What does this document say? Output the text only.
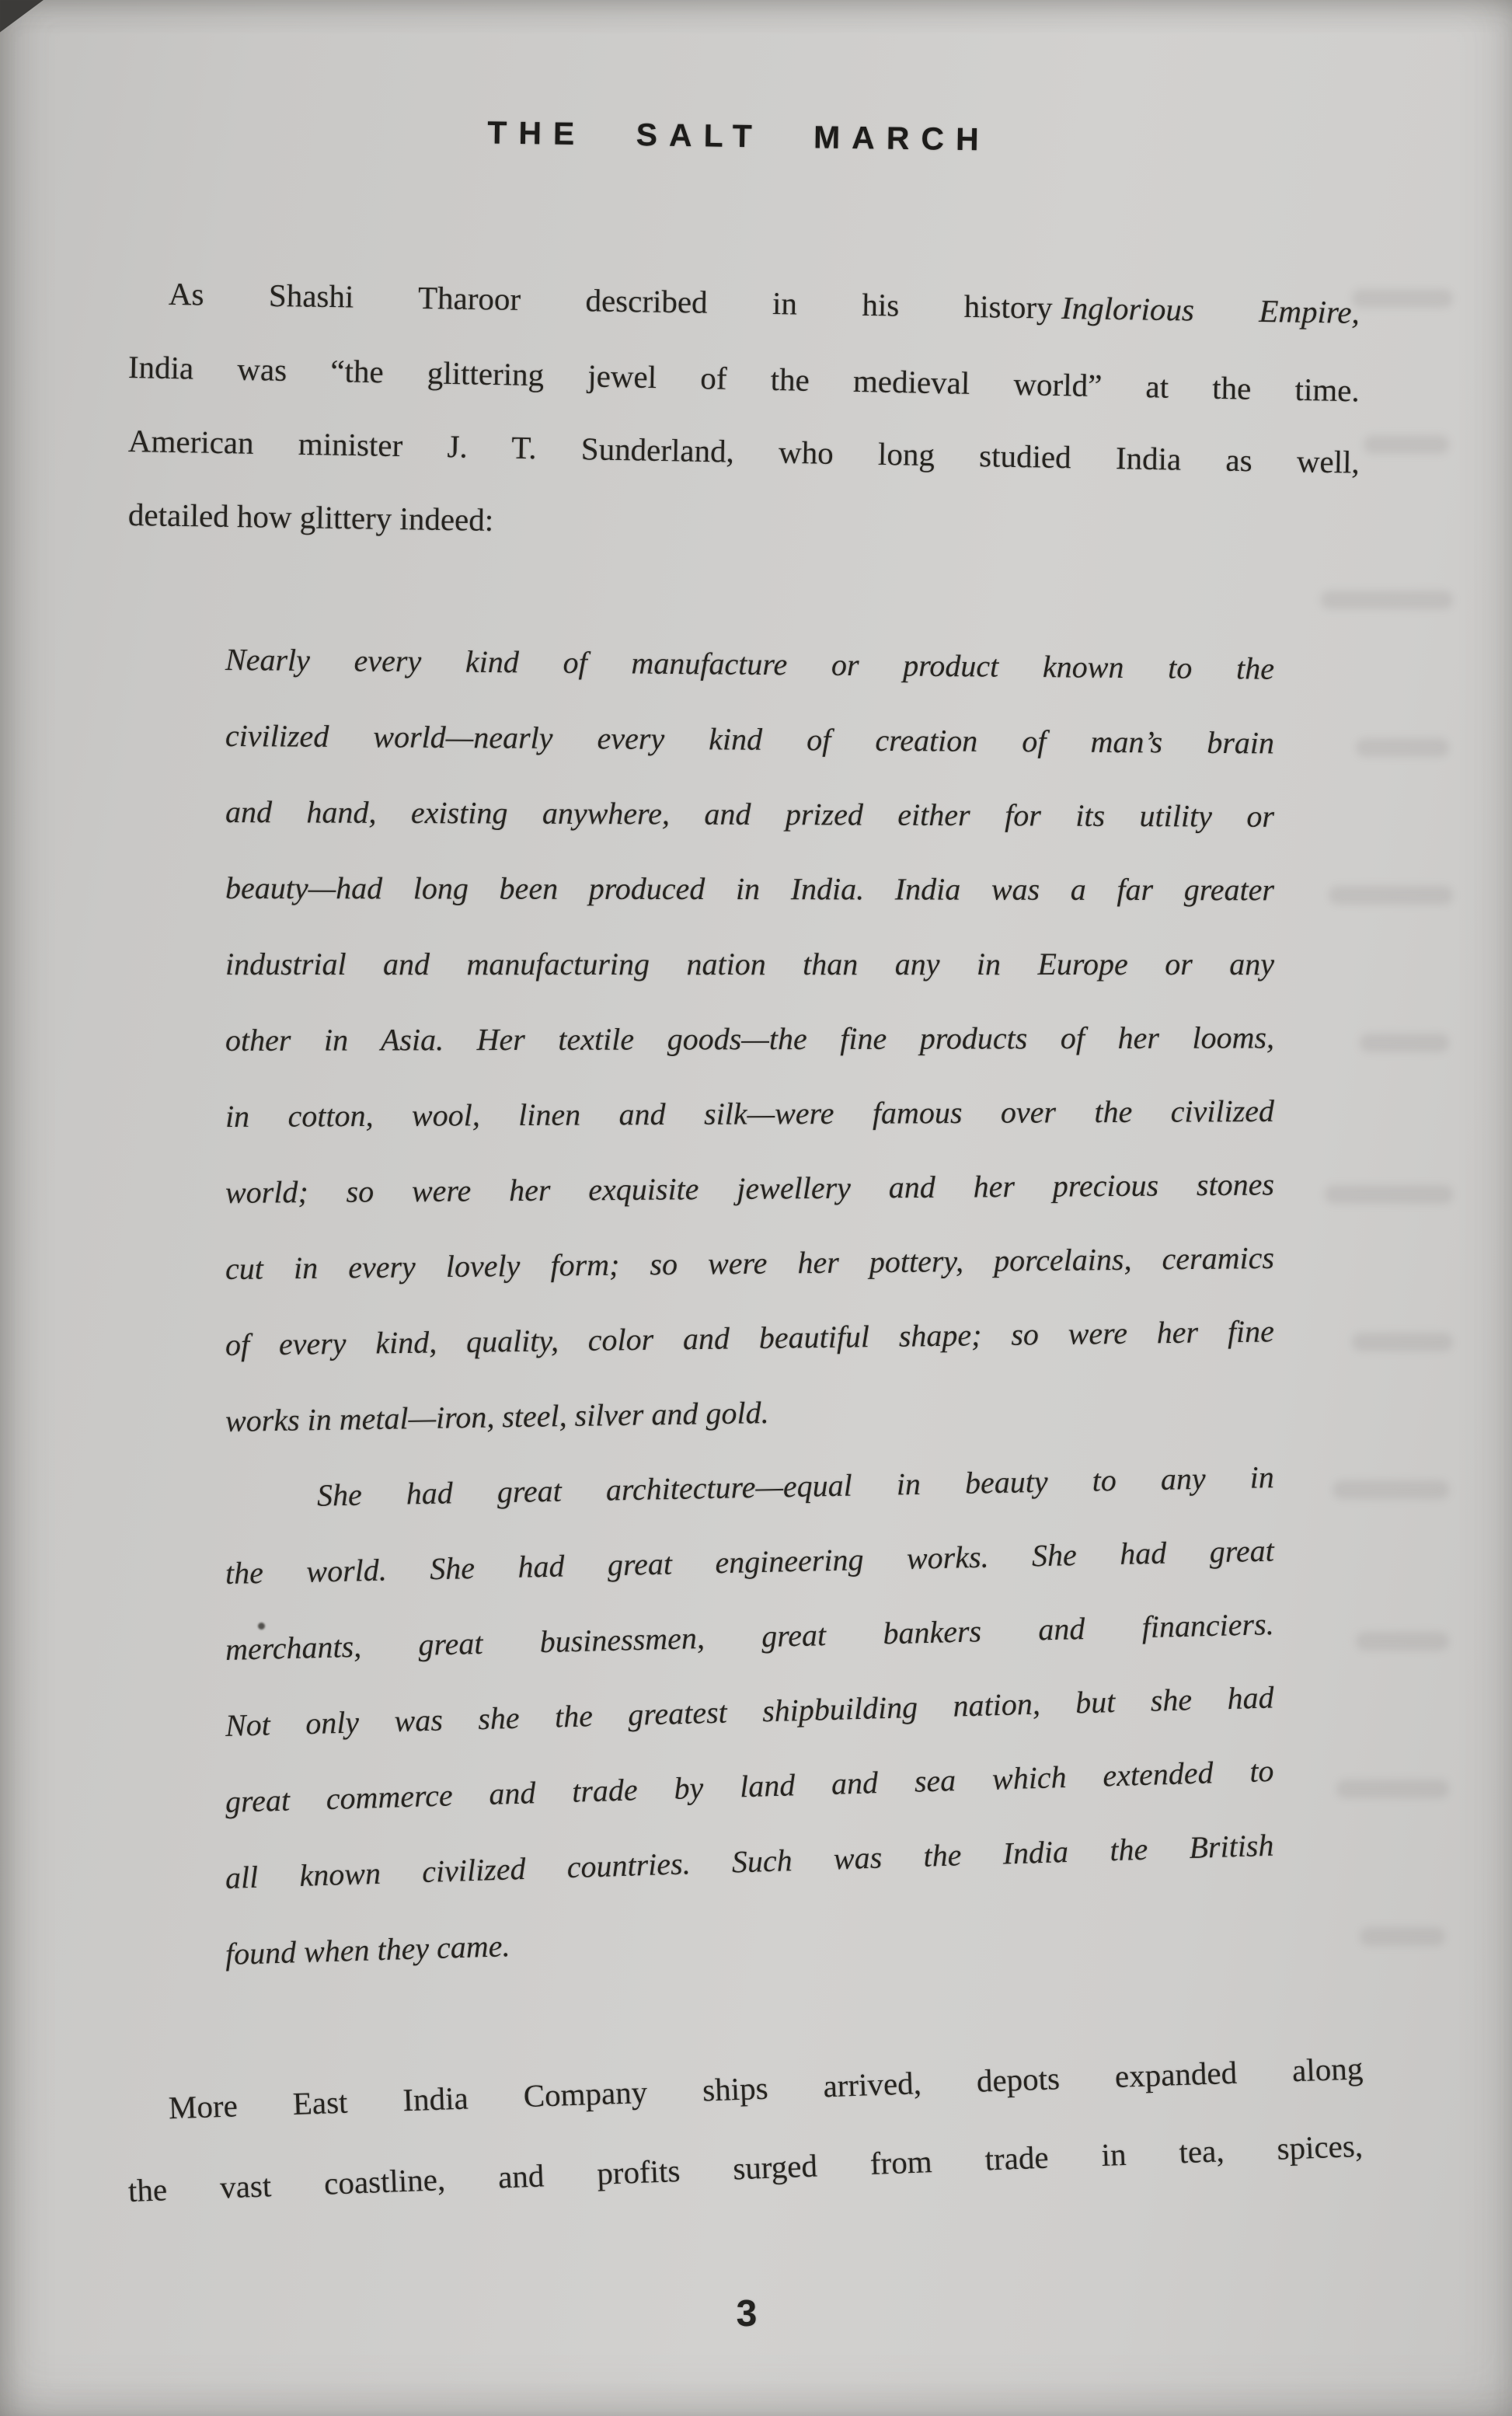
THE SALT MARCH
As Shashi Tharoor described in his history Inglorious Empire,
India was “the glittering jewel of the medieval world” at the time.
American minister J. T. Sunderland, who long studied India as well,
detailed how glittery indeed:
Nearly every kind of manufacture or product known to the
civilized world—nearly every kind of creation of man’s brain
and hand, existing anywhere, and prized either for its utility or
beauty—had long been produced in India. India was a far greater
industrial and manufacturing nation than any in Europe or any
other in Asia. Her textile goods—the fine products of her looms,
in cotton, wool, linen and silk—were famous over the civilized
world; so were her exquisite jewellery and her precious stones
cut in every lovely form; so were her pottery, porcelains, ceramics
of every kind, quality, color and beautiful shape; so were her fine
works in metal—iron, steel, silver and gold.
She had great architecture—equal in beauty to any in
the world. She had great engineering works. She had great
merchants, great businessmen, great bankers and financiers.
Not only was she the greatest shipbuilding nation, but she had
great commerce and trade by land and sea which extended to
all known civilized countries. Such was the India the British
found when they came.
More East India Company ships arrived, depots expanded along
the vast coastline, and profits surged from trade in tea, spices,
3
